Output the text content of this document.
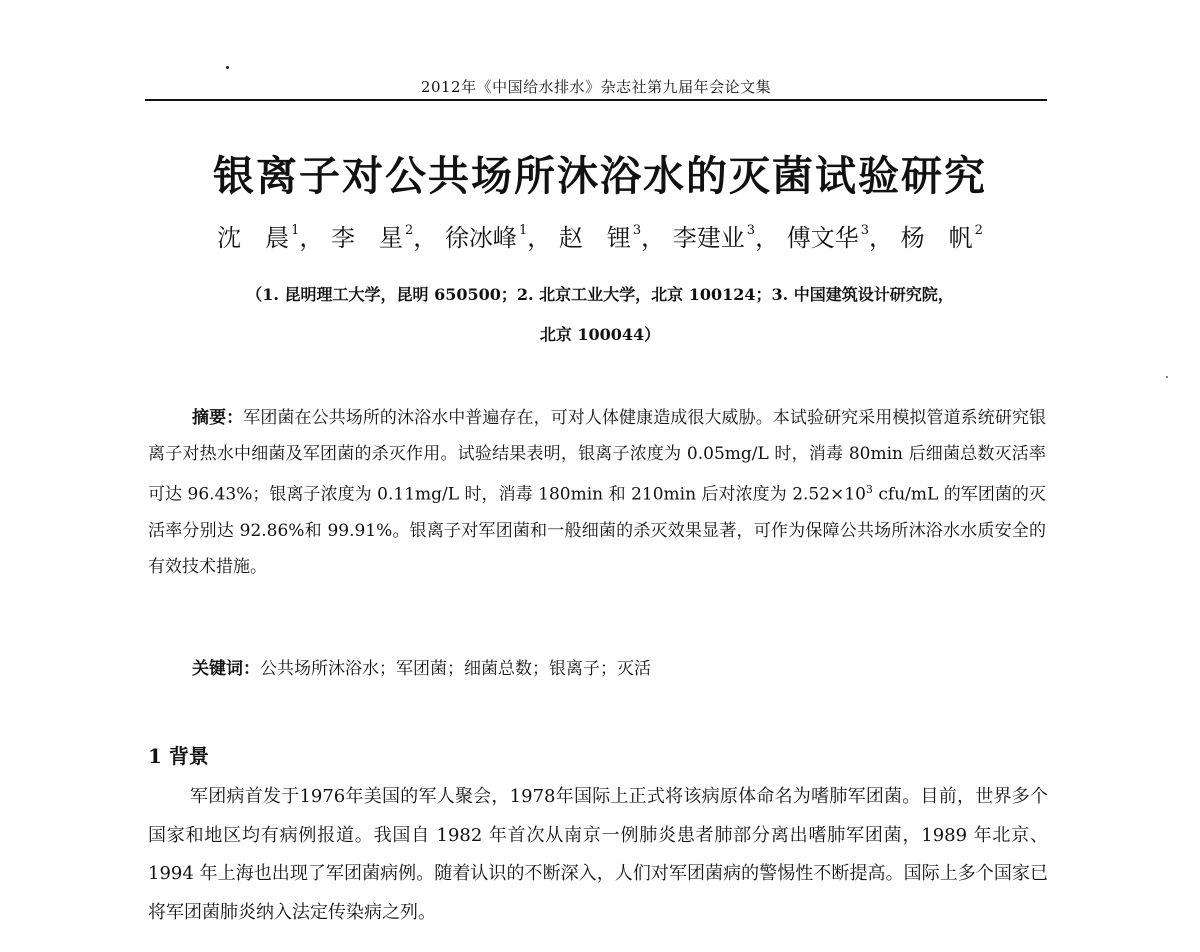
2012年《中国给水排水》杂志社第九届年会论文集
银离子对公共场所沐浴水的灭菌试验研究
沈　晨 $^1$， 李　星 $^2$， 徐冰峰 $^1$， 赵　锂 $^3$， 李建业 $^3$， 傅文华 $^3$， 杨　帆 $^2$
（1. 昆明理工大学，昆明 650500；2. 北京工业大学，北京 100124；3. 中国建筑设计研究院，
北京 100044）
摘要：军团菌在公共场所的沐浴水中普遍存在，可对人体健康造成很大威胁。本试验研究采用模拟管道系统研究银离子对热水中细菌及军团菌的杀灭作用。试验结果表明，银离子浓度为 0.05mg/L 时，消毒 80min 后细菌总数灭活率可达 96.43%；银离子浓度为 0.11mg/L 时，消毒 180min 和 210min 后对浓度为 $2.52\times 10^3$ cfu/mL 的军团菌的灭活率分别达 92.86%和 99.91%。银离子对军团菌和一般细菌的杀灭效果显著，可作为保障公共场所沐浴水水质安全的有效技术措施。
关键词：公共场所沐浴水；军团菌；细菌总数；银离子；灭活
1 背景
军团病首发于1976年美国的军人聚会，1978年国际上正式将该病原体命名为嗜肺军团菌。目前，世界多个国家和地区均有病例报道。我国自 1982 年首次从南京一例肺炎患者肺部分离出嗜肺军团菌，1989 年北京、1994 年上海也出现了军团菌病例。随着认识的不断深入，人们对军团菌病的警惕性不断提高。国际上多个国家已将军团菌肺炎纳入法定传染病之列。
